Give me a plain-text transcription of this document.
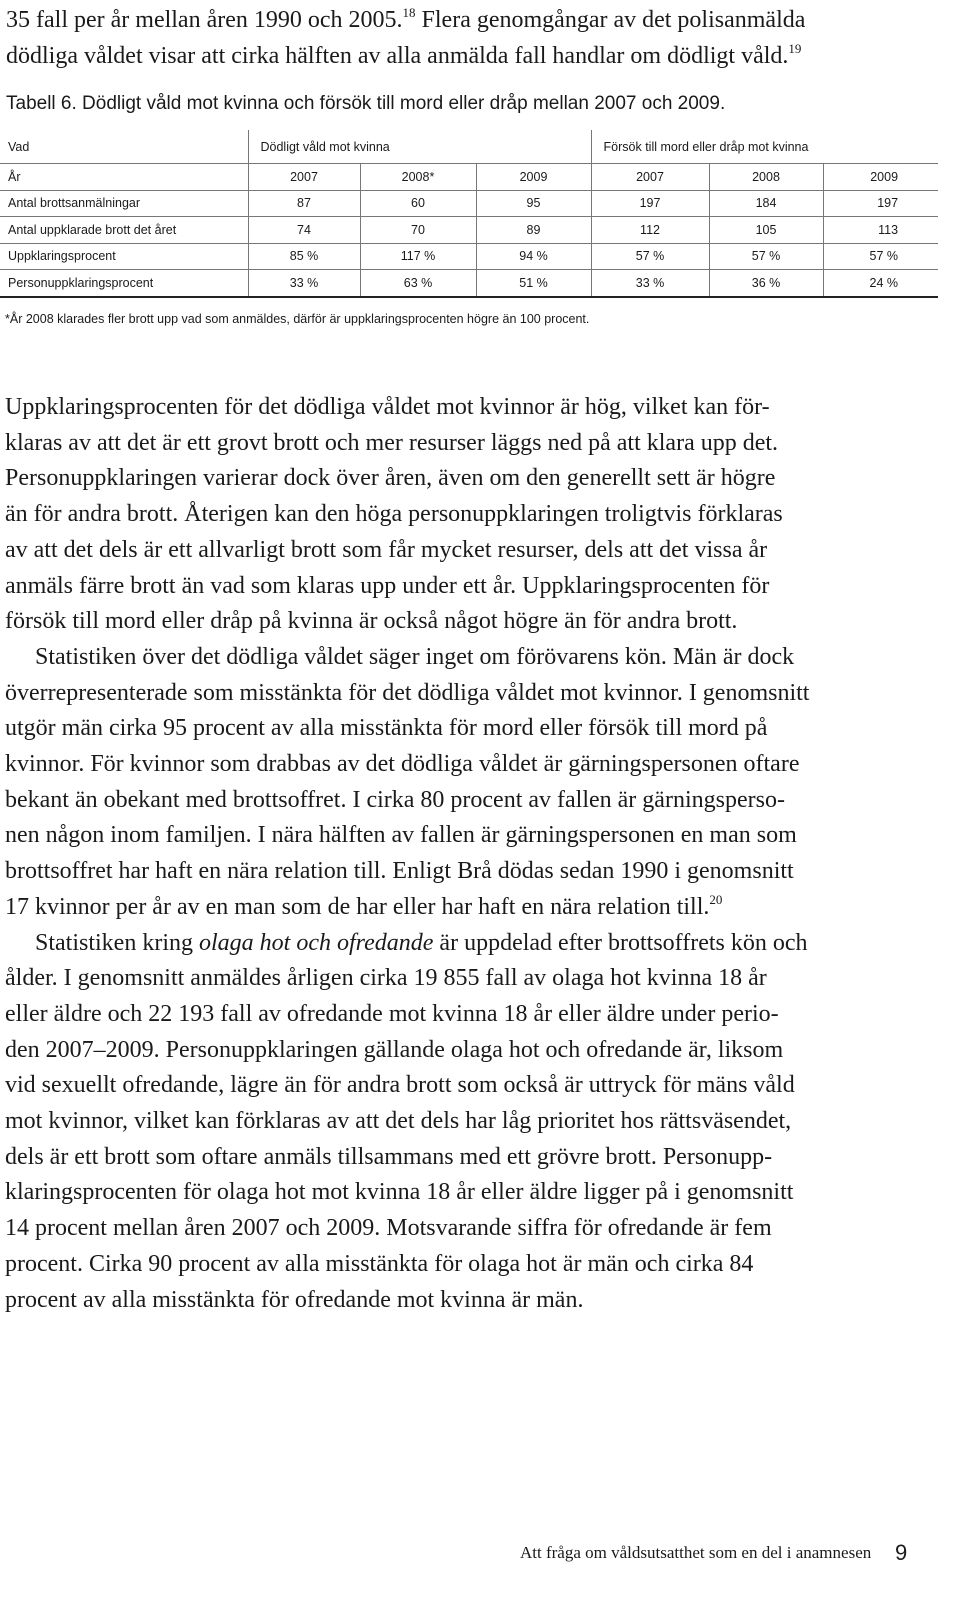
35 fall per år mellan åren 1990 och 2005.18 Flera genomgångar av det polisanmälda
dödliga våldet visar att cirka hälften av alla anmälda fall handlar om dödligt våld.$^{19}$
Tabell 6. Dödligt våld mot kvinna och försök till mord eller dråp mellan 2007 och 2009.
Vad	Dödligt våld mot kvinna			Försök till mord eller dråp mot kvinna		
År	2007	2008*	2009	2007	2008	2009
Antal brottsanmälningar	87	60	95	197	184	197
Antal uppklarade brott det året	74	70	89	112	105	113
Uppklaringsprocent	85 %	117 %	94 %	57 %	57 %	57 %
Personuppklaringsprocent	33 %	63 %	51 %	33 %	36 %	24 %
*År 2008 klarades fler brott upp vad som anmäldes, därför är uppklaringsprocenten högre än 100 procent.
Uppklaringsprocenten för det dödliga våldet mot kvinnor är hög, vilket kan för-
klaras av att det är ett grovt brott och mer resurser läggs ned på att klara upp det.
Personuppklaringen varierar dock över åren, även om den generellt sett är högre
än för andra brott. Återigen kan den höga personuppklaringen troligtvis förklaras
av att det dels är ett allvarligt brott som får mycket resurser, dels att det vissa år
anmäls färre brott än vad som klaras upp under ett år. Uppklaringsprocenten för
försök till mord eller dråp på kvinna är också något högre än för andra brott.
Statistiken över det dödliga våldet säger inget om förövarens kön. Män är dock
överrepresenterade som misstänkta för det dödliga våldet mot kvinnor. I genomsnitt
utgör män cirka 95 procent av alla misstänkta för mord eller försök till mord på
kvinnor. För kvinnor som drabbas av det dödliga våldet är gärningspersonen oftare
bekant än obekant med brottsoffret. I cirka 80 procent av fallen är gärningsperso-
nen någon inom familjen. I nära hälften av fallen är gärningspersonen en man som
brottsoffret har haft en nära relation till. Enligt Brå dödas sedan 1990 i genomsnitt
17 kvinnor per år av en man som de har eller har haft en nära relation till.$^{20}$
Statistiken kring olaga hot och ofredande är uppdelad efter brottsoffrets kön och
ålder. I genomsnitt anmäldes årligen cirka 19 855 fall av olaga hot kvinna 18 år
eller äldre och 22 193 fall av ofredande mot kvinna 18 år eller äldre under perio-
den 2007–2009. Personuppklaringen gällande olaga hot och ofredande är, liksom
vid sexuellt ofredande, lägre än för andra brott som också är uttryck för mäns våld
mot kvinnor, vilket kan förklaras av att det dels har låg prioritet hos rättsväsendet,
dels är ett brott som oftare anmäls tillsammans med ett grövre brott. Personupp-
klaringsprocenten för olaga hot mot kvinna 18 år eller äldre ligger på i genomsnitt
14 procent mellan åren 2007 och 2009. Motsvarande siffra för ofredande är fem
procent. Cirka 90 procent av alla misstänkta för olaga hot är män och cirka 84
procent av alla misstänkta för ofredande mot kvinna är män.
Att fråga om våldsutsatthet som en del i anamnesen 9
